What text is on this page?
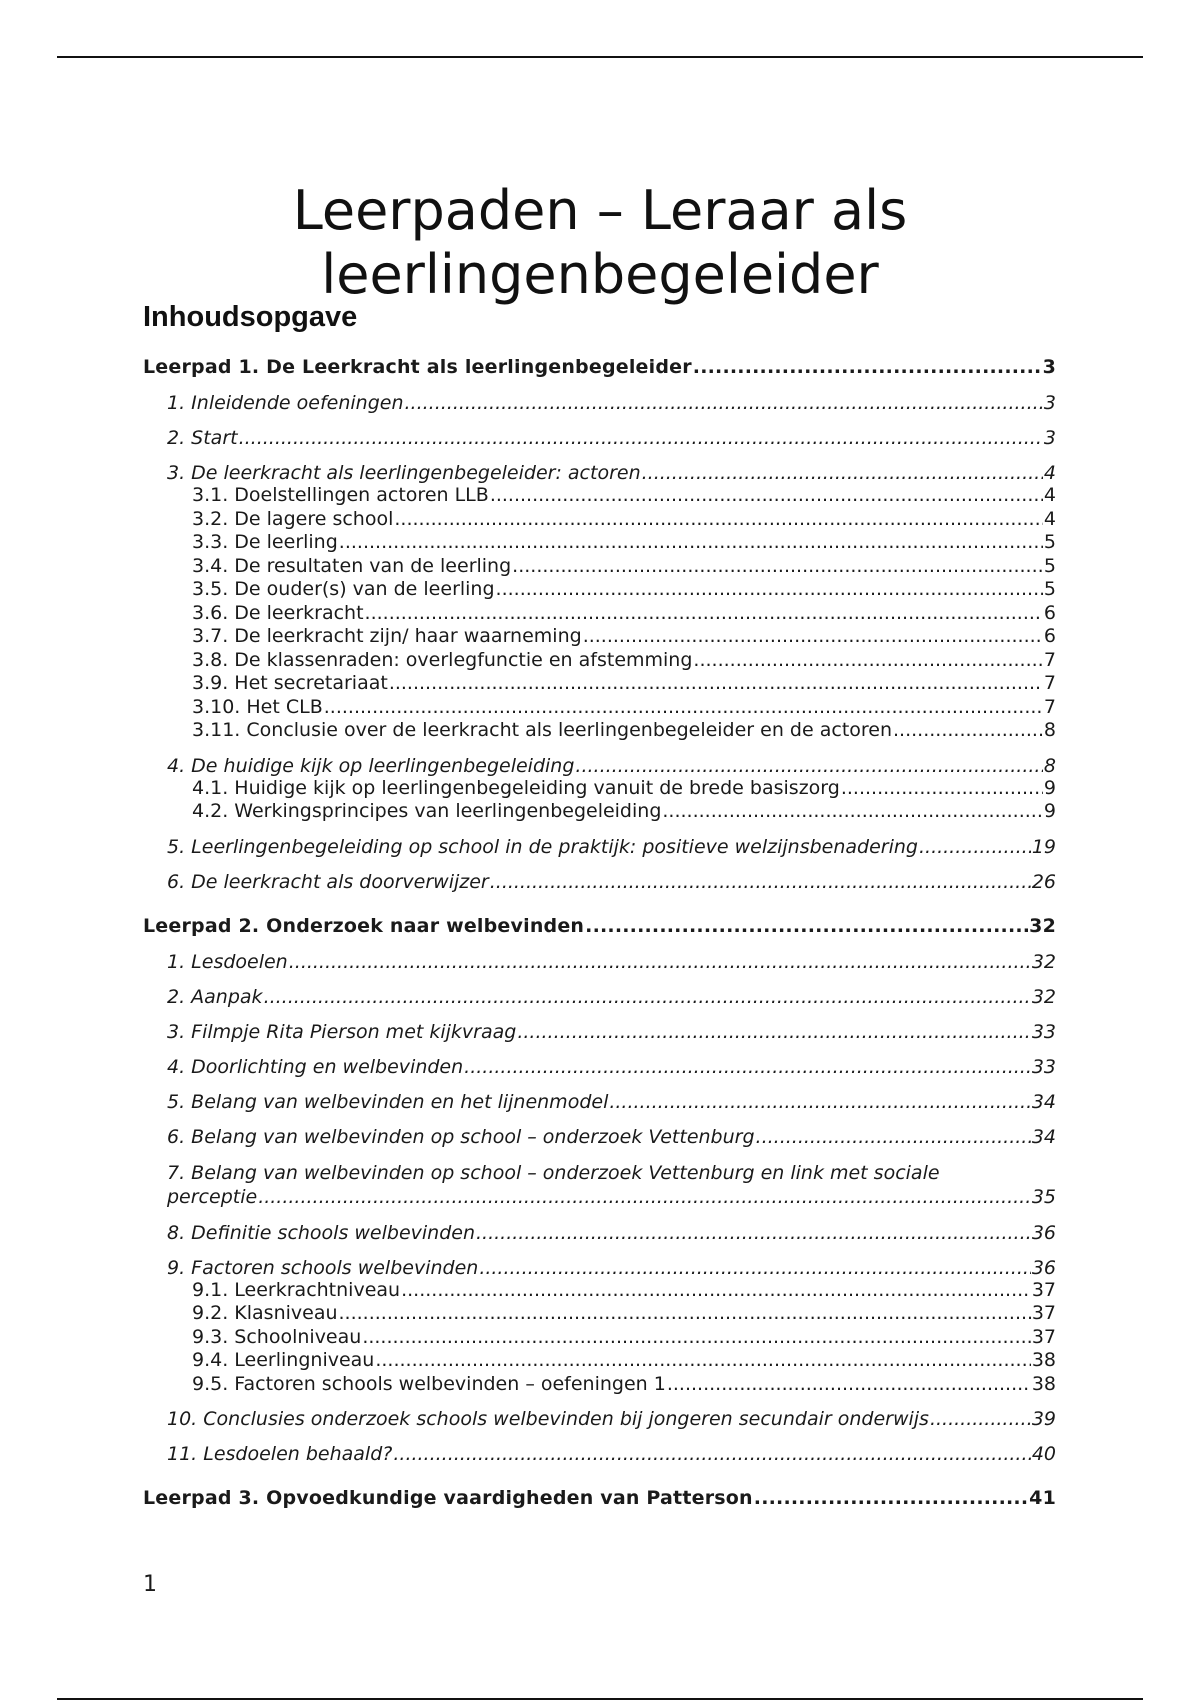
Leerpaden – Leraar als leerlingenbegeleider
Inhoudsopgave
Leerpad 1. De Leerkracht als leerlingenbegeleider .....	3
1. Inleidende oefeningen .....	3
2. Start .....	3
3. De leerkracht als leerlingenbegeleider: actoren .....	4
3.1. Doelstellingen actoren LLB .....	4
3.2. De lagere school .....	4
3.3. De leerling .....	5
3.4. De resultaten van de leerling .....	5
3.5. De ouder(s) van de leerling .....	5
3.6. De leerkracht .....	6
3.7. De leerkracht zijn/ haar waarneming .....	6
3.8. De klassenraden: overlegfunctie en afstemming .....	7
3.9. Het secretariaat .....	7
3.10. Het CLB .....	7
3.11. Conclusie over de leerkracht als leerlingenbegeleider en de actoren .....	8
4. De huidige kijk op leerlingenbegeleiding .....	8
4.1. Huidige kijk op leerlingenbegeleiding vanuit de brede basiszorg .....	9
4.2. Werkingsprincipes van leerlingenbegeleiding .....	9
5. Leerlingenbegeleiding op school in de praktijk: positieve welzijnsbenadering .....	19
6. De leerkracht als doorverwijzer .....	26
Leerpad 2. Onderzoek naar welbevinden .....	32
1. Lesdoelen .....	32
2. Aanpak .....	32
3. Filmpje Rita Pierson met kijkvraag .....	33
4. Doorlichting en welbevinden .....	33
5. Belang van welbevinden en het lijnenmodel .....	34
6. Belang van welbevinden op school – onderzoek Vettenburg .....	34
7. Belang van welbevinden op school – onderzoek Vettenburg en link met sociale
perceptie .....	35
8. Definitie schools welbevinden .....	36
9. Factoren schools welbevinden .....	36
9.1. Leerkrachtniveau .....	37
9.2. Klasniveau .....	37
9.3. Schoolniveau .....	37
9.4. Leerlingniveau .....	38
9.5. Factoren schools welbevinden – oefeningen 1 .....	38
10. Conclusies onderzoek schools welbevinden bij jongeren secundair onderwijs .....	39
11. Lesdoelen behaald? .....	40
Leerpad 3. Opvoedkundige vaardigheden van Patterson .....	41
1
